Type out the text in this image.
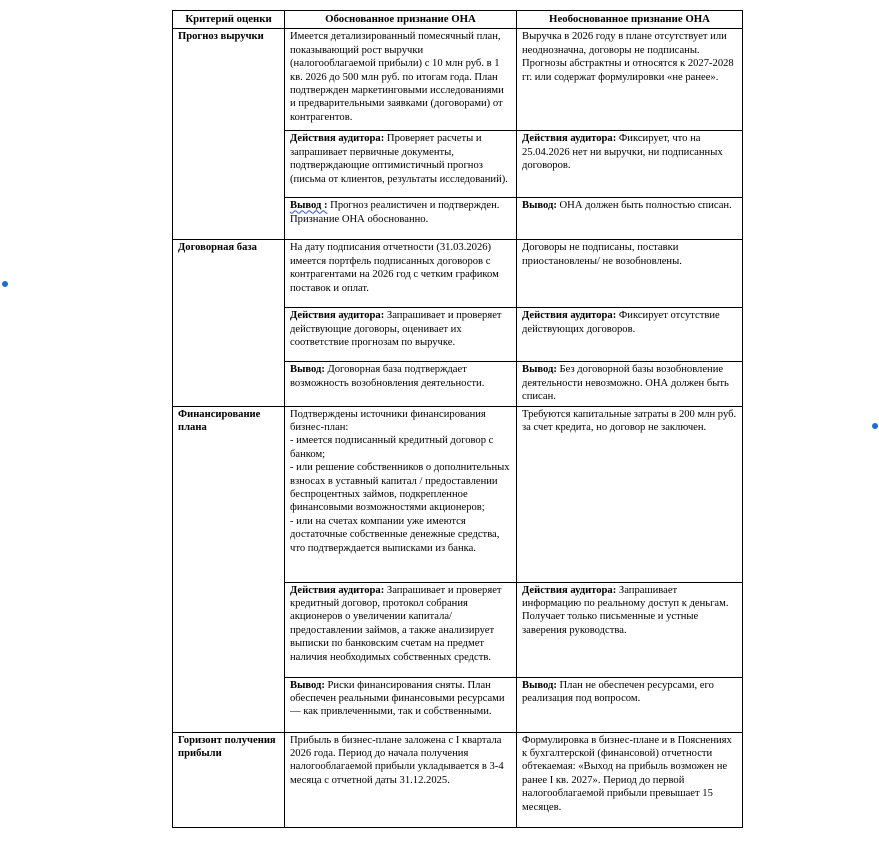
Критерий оценки	Обоснованное признание ОНА	Необоснованное признание ОНА
Прогноз выручки	Имеется детализированный помесячный план, показывающий рост выручки (налогооблагаемой прибыли) с 10 млн руб. в 1 кв. 2026 до 500 млн руб. по итогам года. План подтвержден маркетинговыми исследованиями и предварительными заявками (договорами) от контрагентов.	Выручка в 2026 году в плане отсутствует или неоднозначна, договоры не подписаны. Прогнозы абстрактны и относятся к 2027-2028 гг. или содержат формулировки «не ранее».
	Действия аудитора: Проверяет расчеты и запрашивает первичные документы, подтверждающие оптимистичный прогноз (письма от клиентов, результаты исследований).	Действия аудитора: Фиксирует, что на 25.04.2026 нет ни выручки, ни подписанных договоров.
	Вывод : Прогноз реалистичен и подтвержден. Признание ОНА обоснованно.	Вывод: ОНА должен быть полностью списан.
Договорная база	На дату подписания отчетности (31.03.2026) имеется портфель подписанных договоров с контрагентами на 2026 год с четким графиком поставок и оплат.	Договоры не подписаны, поставки приостановлены/ не возобновлены.
	Действия аудитора: Запрашивает и проверяет действующие договоры, оценивает их соответствие прогнозам по выручке.	Действия аудитора: Фиксирует отсутствие действующих договоров.
	Вывод: Договорная база подтверждает возможность возобновления деятельности.	Вывод: Без договорной базы возобновление деятельности невозможно. ОНА должен быть списан.
Финансирование плана	Подтверждены источники финансирования бизнес-план:
- имеется подписанный кредитный договор с банком;
- или решение собственников о дополнительных взносах в уставный капитал / предоставлении беспроцентных займов, подкрепленное финансовыми возможностями акционеров;
- или на счетах компании уже имеются достаточные собственные денежные средства, что подтверждается выписками из банка.	Требуются капитальные затраты в 200 млн руб. за счет кредита, но договор не заключен.
	Действия аудитора: Запрашивает и проверяет кредитный договор, протокол собрания акционеров о увеличении капитала/предоставлении займов, а также анализирует выписки по банковским счетам на предмет наличия необходимых собственных средств.	Действия аудитора: Запрашивает информацию по реальному доступ к деньгам. Получает только письменные и устные заверения руководства.
	Вывод: Риски финансирования сняты. План обеспечен реальными финансовыми ресурсами — как привлеченными, так и собственными.	Вывод: План не обеспечен ресурсами, его реализация под вопросом.
Горизонт получения прибыли	Прибыль в бизнес-плане заложена с I квартала 2026 года. Период до начала получения налогооблагаемой прибыли укладывается в 3-4 месяца с отчетной даты 31.12.2025.	Формулировка в бизнес-плане и в Пояснениях к бухгалтерской (финансовой) отчетности обтекаемая: «Выход на прибыль возможен не ранее I кв. 2027». Период до первой налогооблагаемой прибыли превышает 15 месяцев.
